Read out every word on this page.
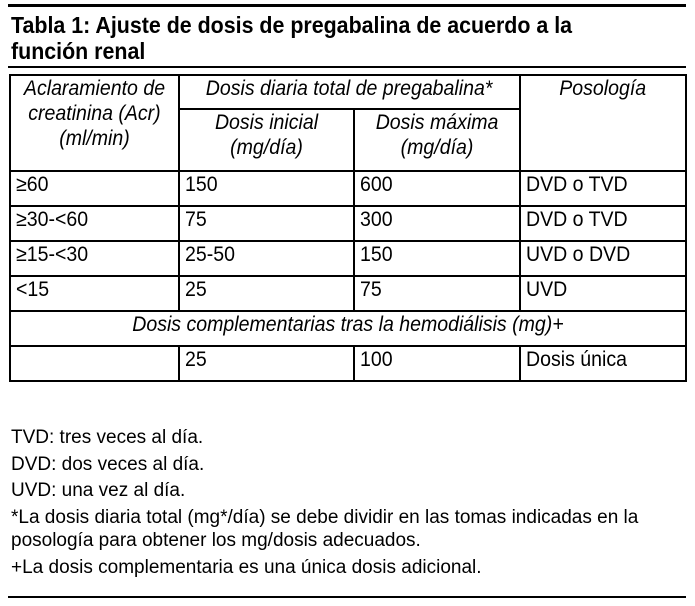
Tabla 1: Ajuste de dosis de pregabalina de acuerdo a la función renal
Aclaramiento de creatinina (Acr) (ml/min)	Dosis diaria total de pregabalina*		Posología
	Dosis inicial (mg/día)	Dosis máxima (mg/día)	
≥60	150	600	DVD o TVD
≥30-<60	75	300	DVD o TVD
≥15-<30	25-50	150	UVD o DVD
<15	25	75	UVD
Dosis complementarias tras la hemodiálisis (mg)+			
	25	100	Dosis única
TVD: tres veces al día.
DVD: dos veces al día.
UVD: una vez al día.
*La dosis diaria total (mg*/día) se debe dividir en las tomas indicadas en la posología para obtener los mg/dosis adecuados.
+La dosis complementaria es una única dosis adicional.
